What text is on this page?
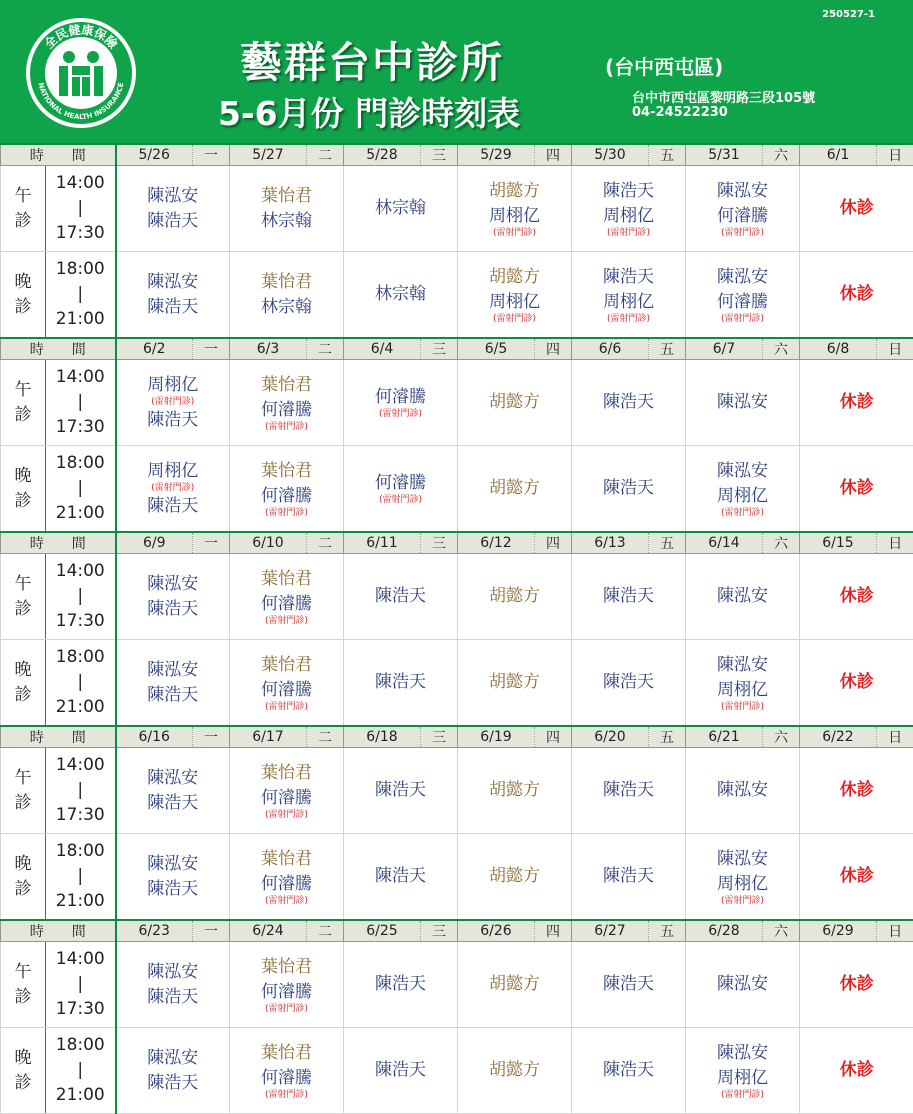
250527-1
全民健康保險
NATIONAL HEALTH INSURANCE	藝群台中診所
5-6月份 門診時刻表
(台中西屯區)
台中市西屯區黎明路三段105號
04-24522230
時　　間		5/26	一	5/27	二	5/28	三	5/29	四	5/30	五	5/31	六	6/1	日
午
診	14:00
|
17:30	陳泓安
陳浩天		葉怡君
林宗翰		林宗翰		胡懿方
周栩亿
(雷射門診)		陳浩天
周栩亿
(雷射門診)		陳泓安
何濬騰
(雷射門診)		休診	
晚
診	18:00
|
21:00	陳泓安
陳浩天		葉怡君
林宗翰		林宗翰		胡懿方
周栩亿
(雷射門診)		陳浩天
周栩亿
(雷射門診)		陳泓安
何濬騰
(雷射門診)		休診	
時　　間		6/2	一	6/3	二	6/4	三	6/5	四	6/6	五	6/7	六	6/8	日
午
診	14:00
|
17:30	周栩亿
(雷射門診)
陳浩天		葉怡君
何濬騰
(雷射門診)		何濬騰
(雷射門診)		胡懿方		陳浩天		陳泓安		休診	
晚
診	18:00
|
21:00	周栩亿
(雷射門診)
陳浩天		葉怡君
何濬騰
(雷射門診)		何濬騰
(雷射門診)		胡懿方		陳浩天		陳泓安
周栩亿
(雷射門診)		休診	
時　　間		6/9	一	6/10	二	6/11	三	6/12	四	6/13	五	6/14	六	6/15	日
午
診	14:00
|
17:30	陳泓安
陳浩天		葉怡君
何濬騰
(雷射門診)		陳浩天		胡懿方		陳浩天		陳泓安		休診	
晚
診	18:00
|
21:00	陳泓安
陳浩天		葉怡君
何濬騰
(雷射門診)		陳浩天		胡懿方		陳浩天		陳泓安
周栩亿
(雷射門診)		休診	
時　　間		6/16	一	6/17	二	6/18	三	6/19	四	6/20	五	6/21	六	6/22	日
午
診	14:00
|
17:30	陳泓安
陳浩天		葉怡君
何濬騰
(雷射門診)		陳浩天		胡懿方		陳浩天		陳泓安		休診	
晚
診	18:00
|
21:00	陳泓安
陳浩天		葉怡君
何濬騰
(雷射門診)		陳浩天		胡懿方		陳浩天		陳泓安
周栩亿
(雷射門診)		休診	
時　　間		6/23	一	6/24	二	6/25	三	6/26	四	6/27	五	6/28	六	6/29	日
午
診	14:00
|
17:30	陳泓安
陳浩天		葉怡君
何濬騰
(雷射門診)		陳浩天		胡懿方		陳浩天		陳泓安		休診	
晚
診	18:00
|
21:00	陳泓安
陳浩天		葉怡君
何濬騰
(雷射門診)		陳浩天		胡懿方		陳浩天		陳泓安
周栩亿
(雷射門診)		休診	
